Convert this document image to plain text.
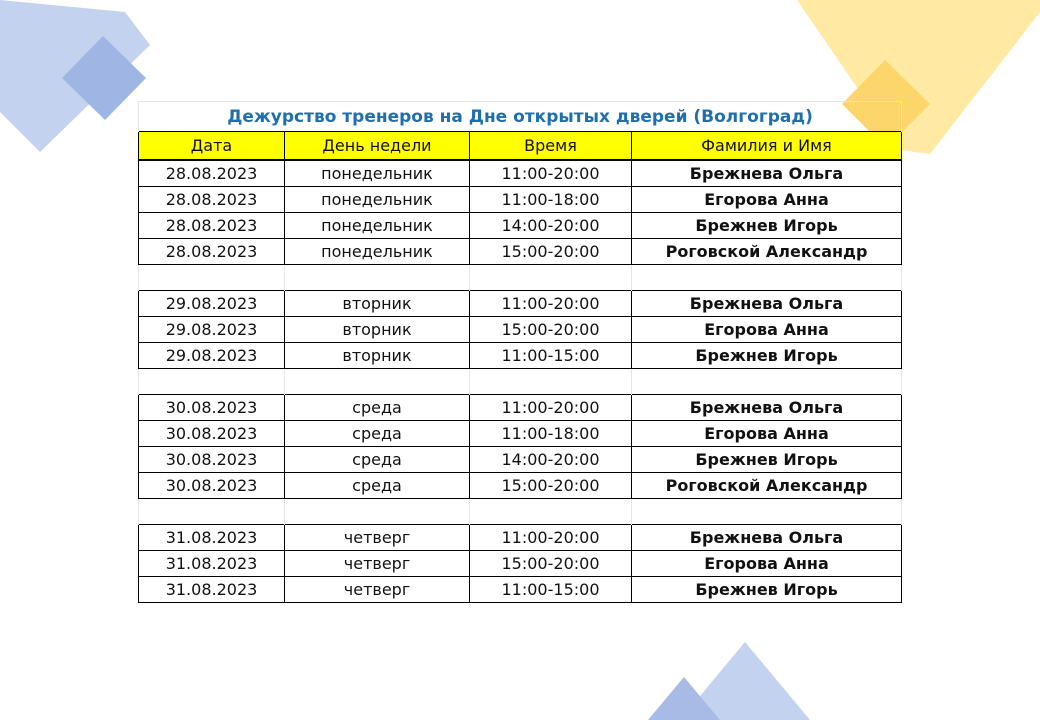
Дежурство тренеров на Дне открытых дверей (Волгоград)			
Дата	День недели	Время	Фамилия и Имя
28.08.2023	понедельник	11:00-20:00	Брежнева Ольга
28.08.2023	понедельник	11:00-18:00	Егорова Анна
28.08.2023	понедельник	14:00-20:00	Брежнев Игорь
28.08.2023	понедельник	15:00-20:00	Роговской Александр

29.08.2023	вторник	11:00-20:00	Брежнева Ольга
29.08.2023	вторник	15:00-20:00	Егорова Анна
29.08.2023	вторник	11:00-15:00	Брежнев Игорь

30.08.2023	среда	11:00-20:00	Брежнева Ольга
30.08.2023	среда	11:00-18:00	Егорова Анна
30.08.2023	среда	14:00-20:00	Брежнев Игорь
30.08.2023	среда	15:00-20:00	Роговской Александр

31.08.2023	четверг	11:00-20:00	Брежнева Ольга
31.08.2023	четверг	15:00-20:00	Егорова Анна
31.08.2023	четверг	11:00-15:00	Брежнев Игорь
